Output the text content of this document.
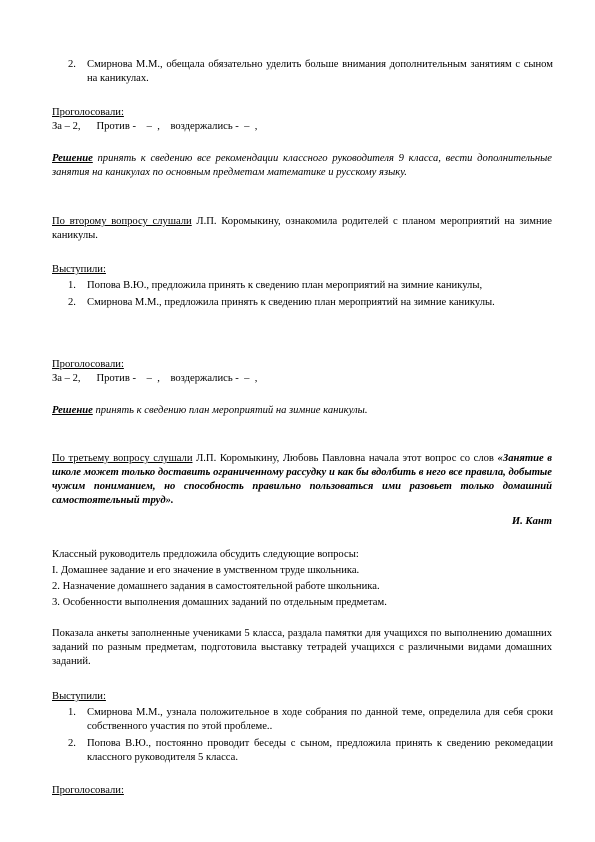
2. Смирнова М.М., обещала обязательно уделить больше внимания дополнительным занятиям с сыном на каникулах.

Проголосовали:

За – 2,      Против -    –  ,    воздержались -  –  ,

Решение принять к сведению все рекомендации классного руководителя 9 класса, вести дополнительные занятия на каникулах по основным предметам математике и русскому языку.
По второму вопросу слушали Л.П. Коромыкину, ознакомила родителей с планом мероприятий на зимние каникулы.

Выступили:

1. Попова В.Ю., предложила принять к сведению план мероприятий на зимние каникулы,
2. Смирнова М.М., предложила принять к сведению план мероприятий на зимние каникулы.

Проголосовали:

За – 2,      Против -    –  ,    воздержались -  –  ,

Решение принять к сведению план мероприятий на зимние каникулы.
По третьему вопросу слушали Л.П. Коромыкину, Любовь Павловна начала этот вопрос со слов «Занятие в школе может только доставить ограниченному рассудку и как бы вдолбить в него все правила, добытые чужим пониманием, но способность правильно пользоваться ими разовьет только домашний самостоятельный труд».
И. Кант

Классный руководитель предложила обсудить следующие вопросы:

I. Домашнее задание и его значение в умственном труде школьника.

2. Назначение домашнего задания в самостоятельной работе школьника.

3. Особенности выполнения домашних заданий по отдельным предметам.

Показала анкеты заполненные учениками 5 класса, раздала памятки для учащихся по выполнению домашних заданий по разным предметам, подготовила выставку тетрадей учащихся с различными видами домашних заданий.

Выступили:

1. Смирнова М.М., узнала положительное в ходе собрания по данной теме, определила для себя сроки собственного участия по этой проблеме..
2. Попова В.Ю., постоянно проводит беседы с сыном, предложила принять к сведению рекомедации классного руководителя 5 класса.

Проголосовали:
